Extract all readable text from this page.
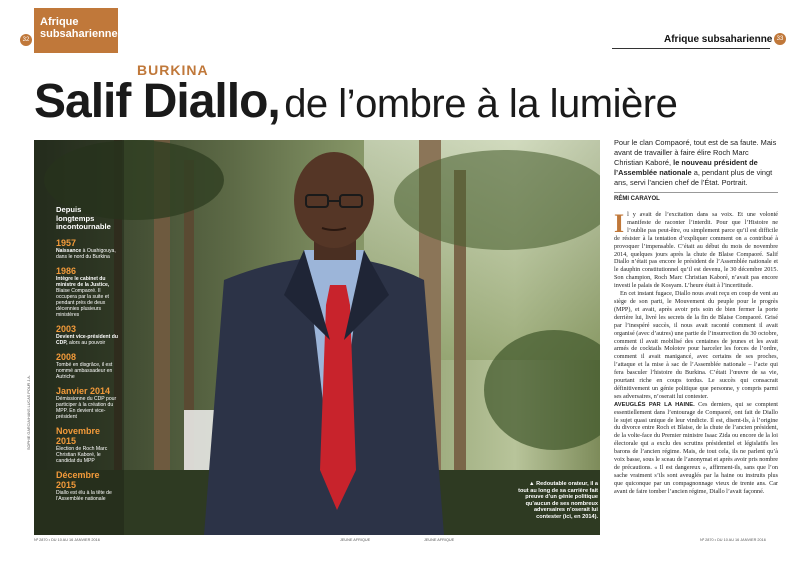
Afrique subsaharienne
32	Afrique subsaharienne 33
BURKINA
Salif Diallo, de l’ombre à la lumière
Depuis longtemps incontournable
1957
Naissance à Ouahigouya, dans le nord du Burkina
1986
Intègre le cabinet du ministre de la Justice, Blaise Compaoré. Il occupera par la suite et pendant près de deux décennies plusieurs ministères
2003
Devient vice-président du CDP, alors au pouvoir
2008
Tombé en disgrâce, il est nommé ambassadeur en Autriche
Janvier 2014
Démissionne du CDP pour participer à la création du MPP. En devient vice-président
Novembre 2015
Élection de Roch Marc Christian Kaboré, le candidat du MPP
Décembre 2015
Diallo est élu à la tête de l’Assemblée nationale
▲ Redoutable orateur, il a tout au long de sa carrière fait preuve d’un génie politique qu’aucun de ses nombreux adversaires n’oserait lui contester (ici, en 2014).
SOPHIE GARCIA/HANS LUCAS POUR J.A.
Pour le clan Compaoré, tout est de sa faute. Mais avant de travailler à faire élire Roch Marc Christian Kaboré, le nouveau président de l’Assemblée nationale a, pendant plus de vingt ans, servi l’ancien chef de l’État. Portrait.
RÉMI CARAYOL

Il y avait de l’excitation dans sa voix. Et une volonté manifeste de raconter l’interdit. Pour que l’Histoire ne l’oublie pas peut-être, ou simplement parce qu’il est difficile de résister à la tentation d’expliquer comment on a contribué à provoquer l’impensable. C’était au début du mois de novembre 2014, quelques jours après la chute de Blaise Compaoré. Salif Diallo n’était pas encore le président de l’Assemblée nationale et le dauphin constitutionnel qu’il est devenu, le 30 décembre 2015. Son champion, Roch Marc Christian Kaboré, n’avait pas encore investi le palais de Kosyam. L’heure était à l’incertitude.

En cet instant fugace, Diallo nous avait reçu en coup de vent au siège de son parti, le Mouvement du peuple pour le progrès (MPP), et avait, après avoir pris soin de bien fermer la porte derrière lui, livré les secrets de la fin de Blaise Compaoré. Grisé par l’inespéré succès, il nous avait raconté comment il avait organisé (avec d’autres) une partie de l’insurrection du 30 octobre, comment il avait mobilisé des centaines de jeunes et les avait armés de cocktails Molotov pour harceler les forces de l’ordre, comment il avait manigancé, avec certains de ses proches, l’attaque et la mise à sac de l’Assemblée nationale – l’acte qui fera basculer l’histoire du Burkina. C’était l’œuvre de sa vie, pourtant riche en coups tordus. Le succès qui consacrait définitivement un génie politique que personne, y compris parmi ses adversaires, n’oserait lui contester.

AVEUGLÉS PAR LA HAINE. Ces derniers, qui se comptent essentiellement dans l’entourage de Compaoré, ont fait de Diallo le sujet quasi unique de leur vindicte. Il est, disent-ils, à l’origine du divorce entre Roch et Blaise, de la chute de l’ancien président, de la volte-face du Premier ministre Isaac Zida ou encore de la loi électorale qui a exclu des scrutins présidentiel et législatifs les barons de l’ancien régime. Mais, de tout cela, ils ne parlent qu’à voix basse, sous le sceau de l’anonymat et après avoir pris nombre de précautions. « Il est dangereux », affirment-ils, sans que l’on sache vraiment s’ils sont aveuglés par la haine ou instruits plus que quiconque par un compagnonnage vieux de trente ans. Car avant de faire tomber l’ancien régime, Diallo l’avait façonné.

Nº 2870 • DU 10 AU 16 JANVIER 2016	JEUNE AFRIQUE	JEUNE AFRIQUE	Nº 2870 • DU 10 AU 16 JANVIER 2016
